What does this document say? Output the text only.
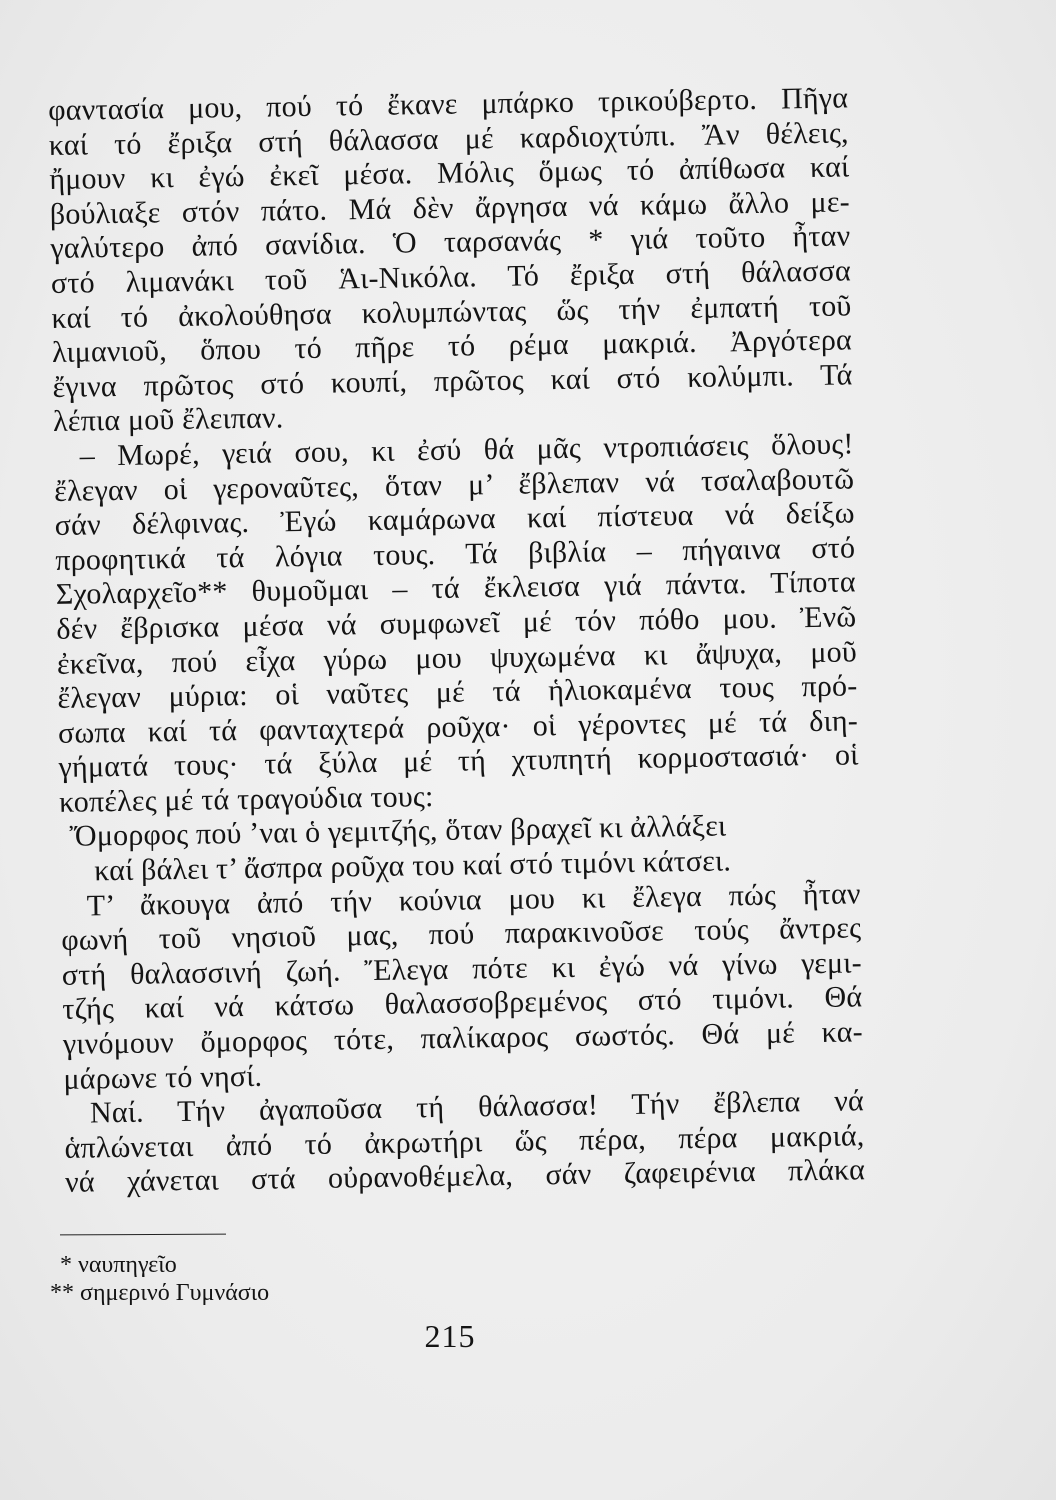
φαντασία μου, πού τό ἔκανε μπάρκο τρικούβερτο. Πῆγα
καί τό ἔριξα στή θάλασσα μέ καρδιοχτύπι. Ἄν θέλεις,
ἤμουν κι ἐγώ ἐκεῖ μέσα. Μόλις ὅμως τό ἀπίθωσα καί
βούλιαξε στόν πάτο. Μά δὲν ἄργησα νά κάμω ἄλλο με-
γαλύτερο ἀπό σανίδια. Ὁ ταρσανάς * γιά τοῦτο ἦταν
στό λιμανάκι τοῦ Ἁι-Νικόλα. Τό ἔριξα στή θάλασσα
καί τό ἀκολούθησα κολυμπώντας ὥς τήν ἐμπατή τοῦ
λιμανιοῦ, ὅπου τό πῆρε τό ρέμα μακριά. Ἀργότερα
ἔγινα πρῶτος στό κουπί, πρῶτος καί στό κολύμπι. Τά
λέπια μοῦ ἔλειπαν.
– Μωρέ, γειά σου, κι ἐσύ θά μᾶς ντροπιάσεις ὅλους!
ἔλεγαν οἱ γεροναῦτες, ὅταν μ’ ἔβλεπαν νά τσαλαβουτῶ
σάν δέλφινας. Ἐγώ καμάρωνα καί πίστευα νά δείξω
προφητικά τά λόγια τους. Τά βιβλία – πήγαινα στό
Σχολαρχεῖο** θυμοῦμαι – τά ἔκλεισα γιά πάντα. Τίποτα
δέν ἔβρισκα μέσα νά συμφωνεῖ μέ τόν πόθο μου. Ἐνῶ
ἐκεῖνα, πού εἶχα γύρω μου ψυχωμένα κι ἄψυχα, μοῦ
ἔλεγαν μύρια: οἱ ναῦτες μέ τά ἡλιοκαμένα τους πρό-
σωπα καί τά φανταχτερά ροῦχα· οἱ γέροντες μέ τά διη-
γήματά τους· τά ξύλα μέ τή χτυπητή κορμοστασιά· οἱ
κοπέλες μέ τά τραγούδια τους:
Ὄμορφος πού ’ναι ὁ γεμιτζής, ὅταν βραχεῖ κι ἀλλάξει
καί βάλει τ’ ἄσπρα ροῦχα του καί στό τιμόνι κάτσει.
Τ’ ἄκουγα ἀπό τήν κούνια μου κι ἔλεγα πώς ἦταν
φωνή τοῦ νησιοῦ μας, πού παρακινοῦσε τούς ἄντρες
στή θαλασσινή ζωή. Ἔλεγα πότε κι ἐγώ νά γίνω γεμι-
τζής καί νά κάτσω θαλασσοβρεμένος στό τιμόνι. Θά
γινόμουν ὄμορφος τότε, παλίκαρος σωστός. Θά μέ κα-
μάρωνε τό νησί.
Ναί. Τήν ἀγαποῦσα τή θάλασσα! Τήν ἔβλεπα νά
ἁπλώνεται ἀπό τό ἀκρωτήρι ὥς πέρα, πέρα μακριά,
νά χάνεται στά οὐρανοθέμελα, σάν ζαφειρένια πλάκα
* ναυπηγεῖο
** σημερινό Γυμνάσιο
215
